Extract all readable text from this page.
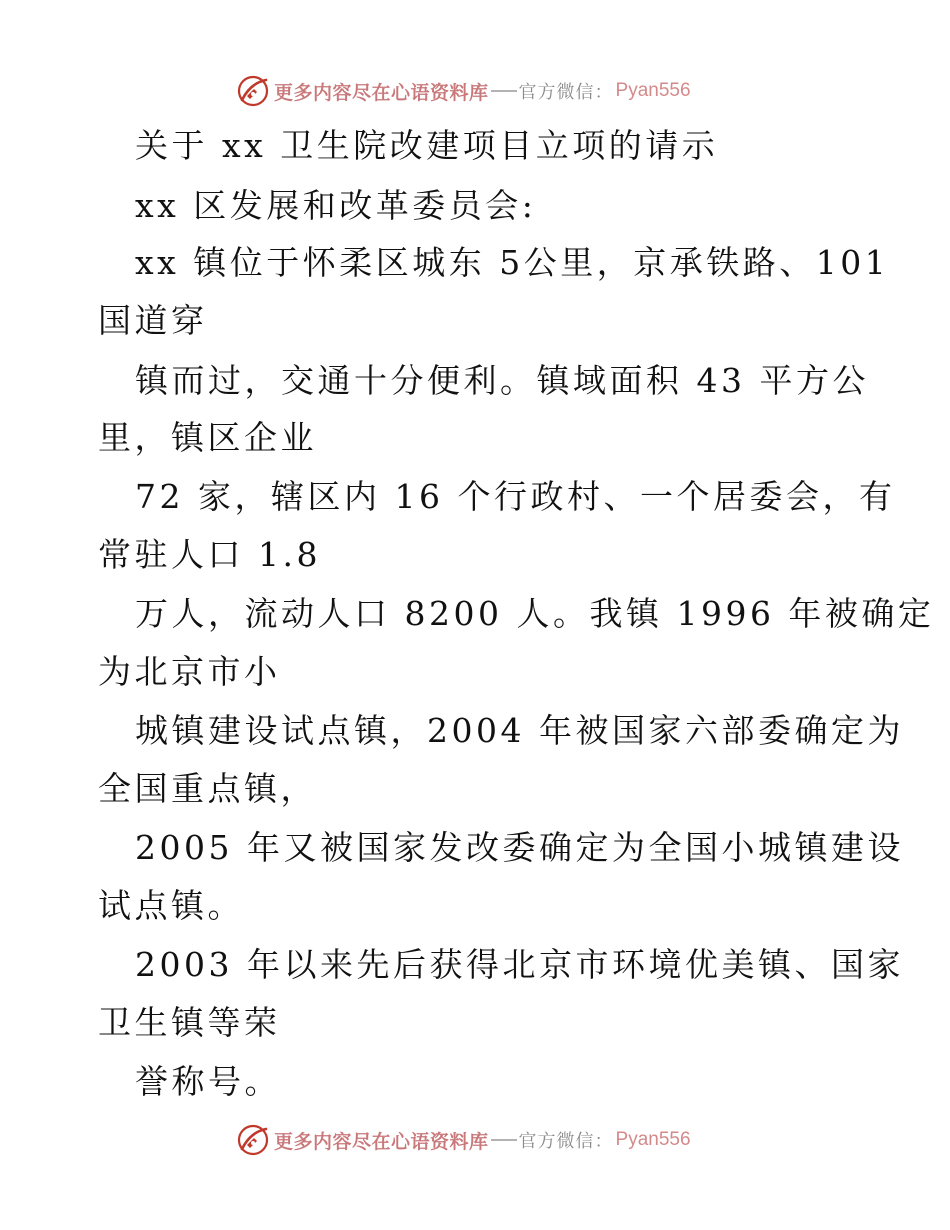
更多内容尽在心语资料库 官方微信： Pyan556

关于 xx 卫生院改建项目立项的请示

xx 区发展和改革委员会:

xx 镇位于怀柔区城东 5公里，京承铁路、101

国道穿

镇而过，交通十分便利。镇域面积 43 平方公

里，镇区企业

72 家，辖区内 16 个行政村、一个居委会，有

常驻人口 1.8

万人，流动人口 8200 人。我镇 1996 年被确定

为北京市小

城镇建设试点镇，2004 年被国家六部委确定为

全国重点镇，

2005 年又被国家发改委确定为全国小城镇建设

试点镇。

2003 年以来先后获得北京市环境优美镇、国家

卫生镇等荣

誉称号。

更多内容尽在心语资料库 官方微信： Pyan556
